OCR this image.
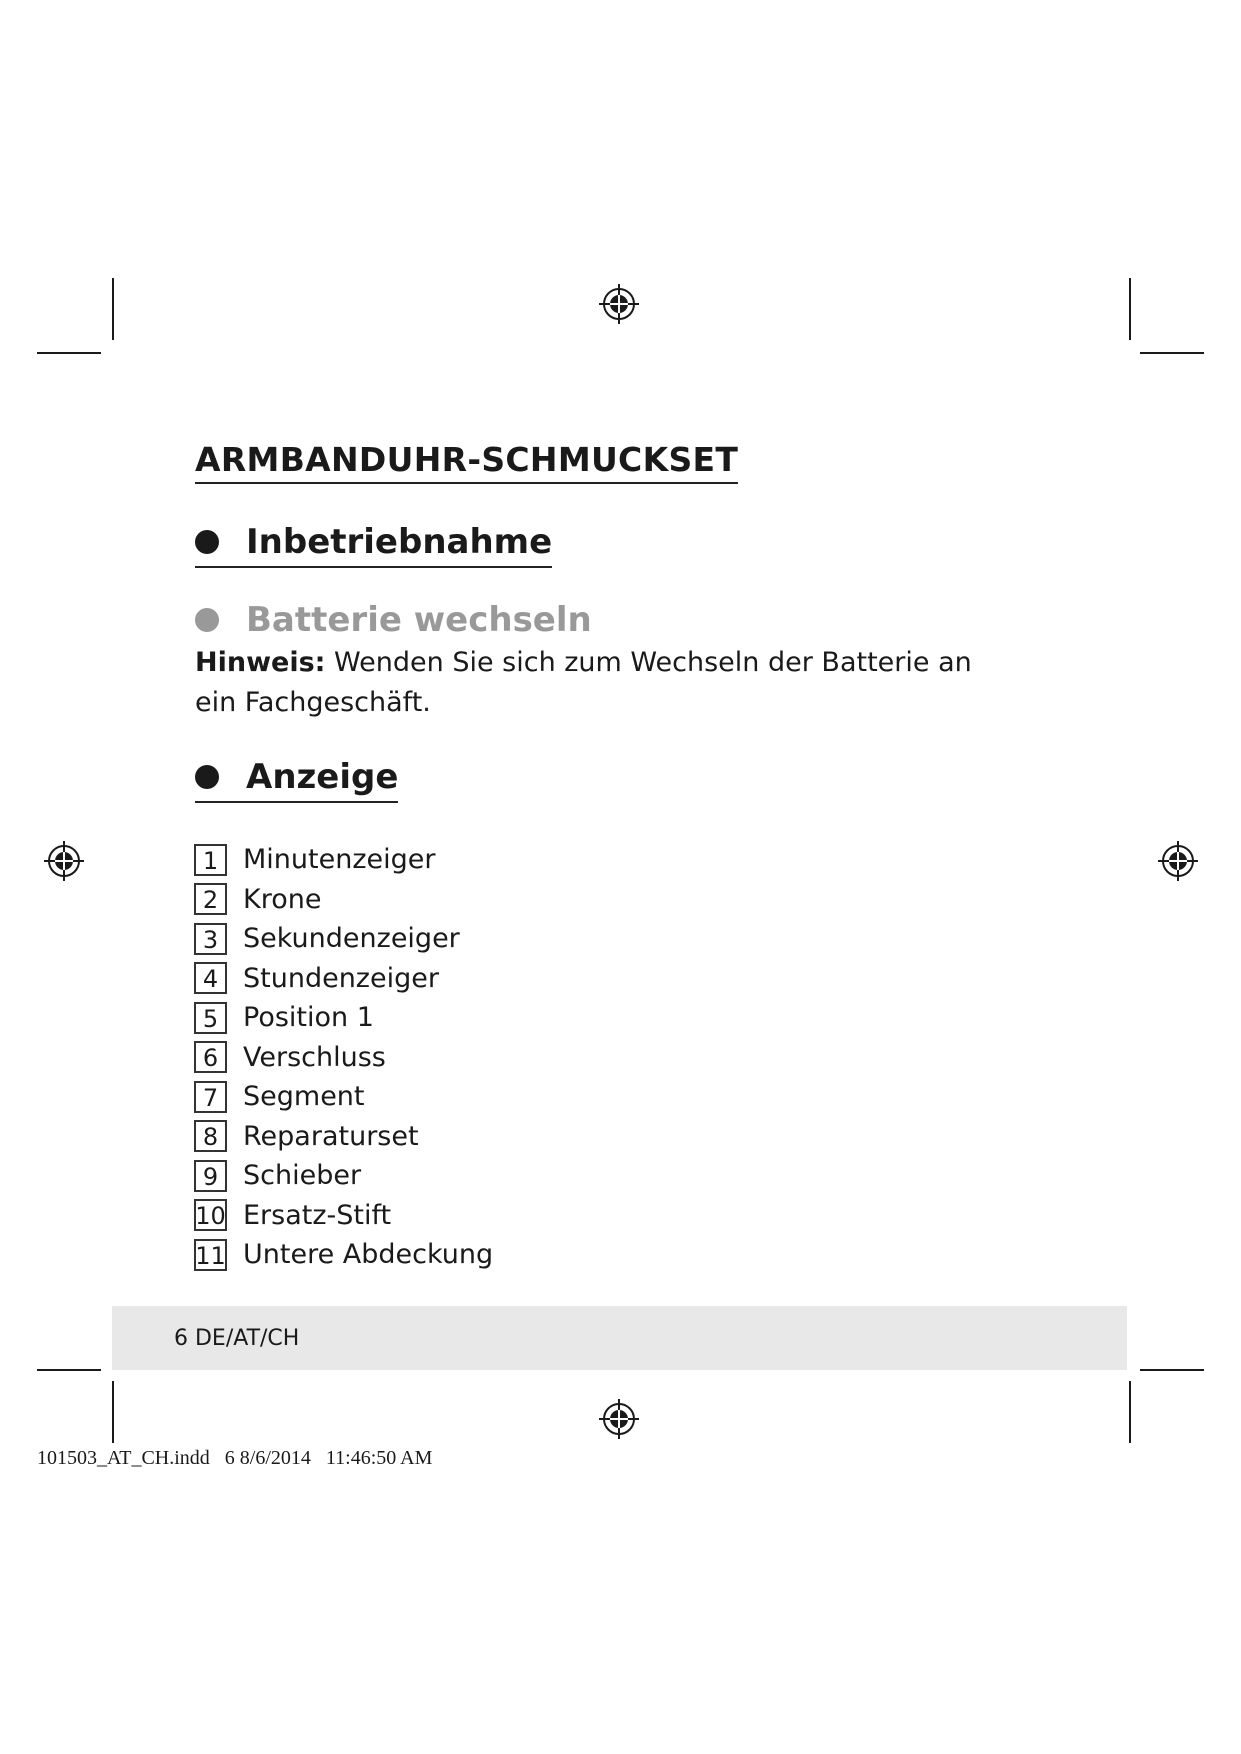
ARMBANDUHR-SCHMUCKSET
Inbetriebnahme
Batterie wechseln
Hinweis: Wenden Sie sich zum Wechseln der Batterie an ein Fachgeschäft.
Anzeige
1 Minutenzeiger
2 Krone
3 Sekundenzeiger
4 Stundenzeiger
5 Position 1
6 Verschluss
7 Segment
8 Reparaturset
9 Schieber
10 Ersatz-Stift
11 Untere Abdeckung
6 DE/AT/CH
101503_AT_CH.indd   6 8/6/2014   11:46:50 AM
